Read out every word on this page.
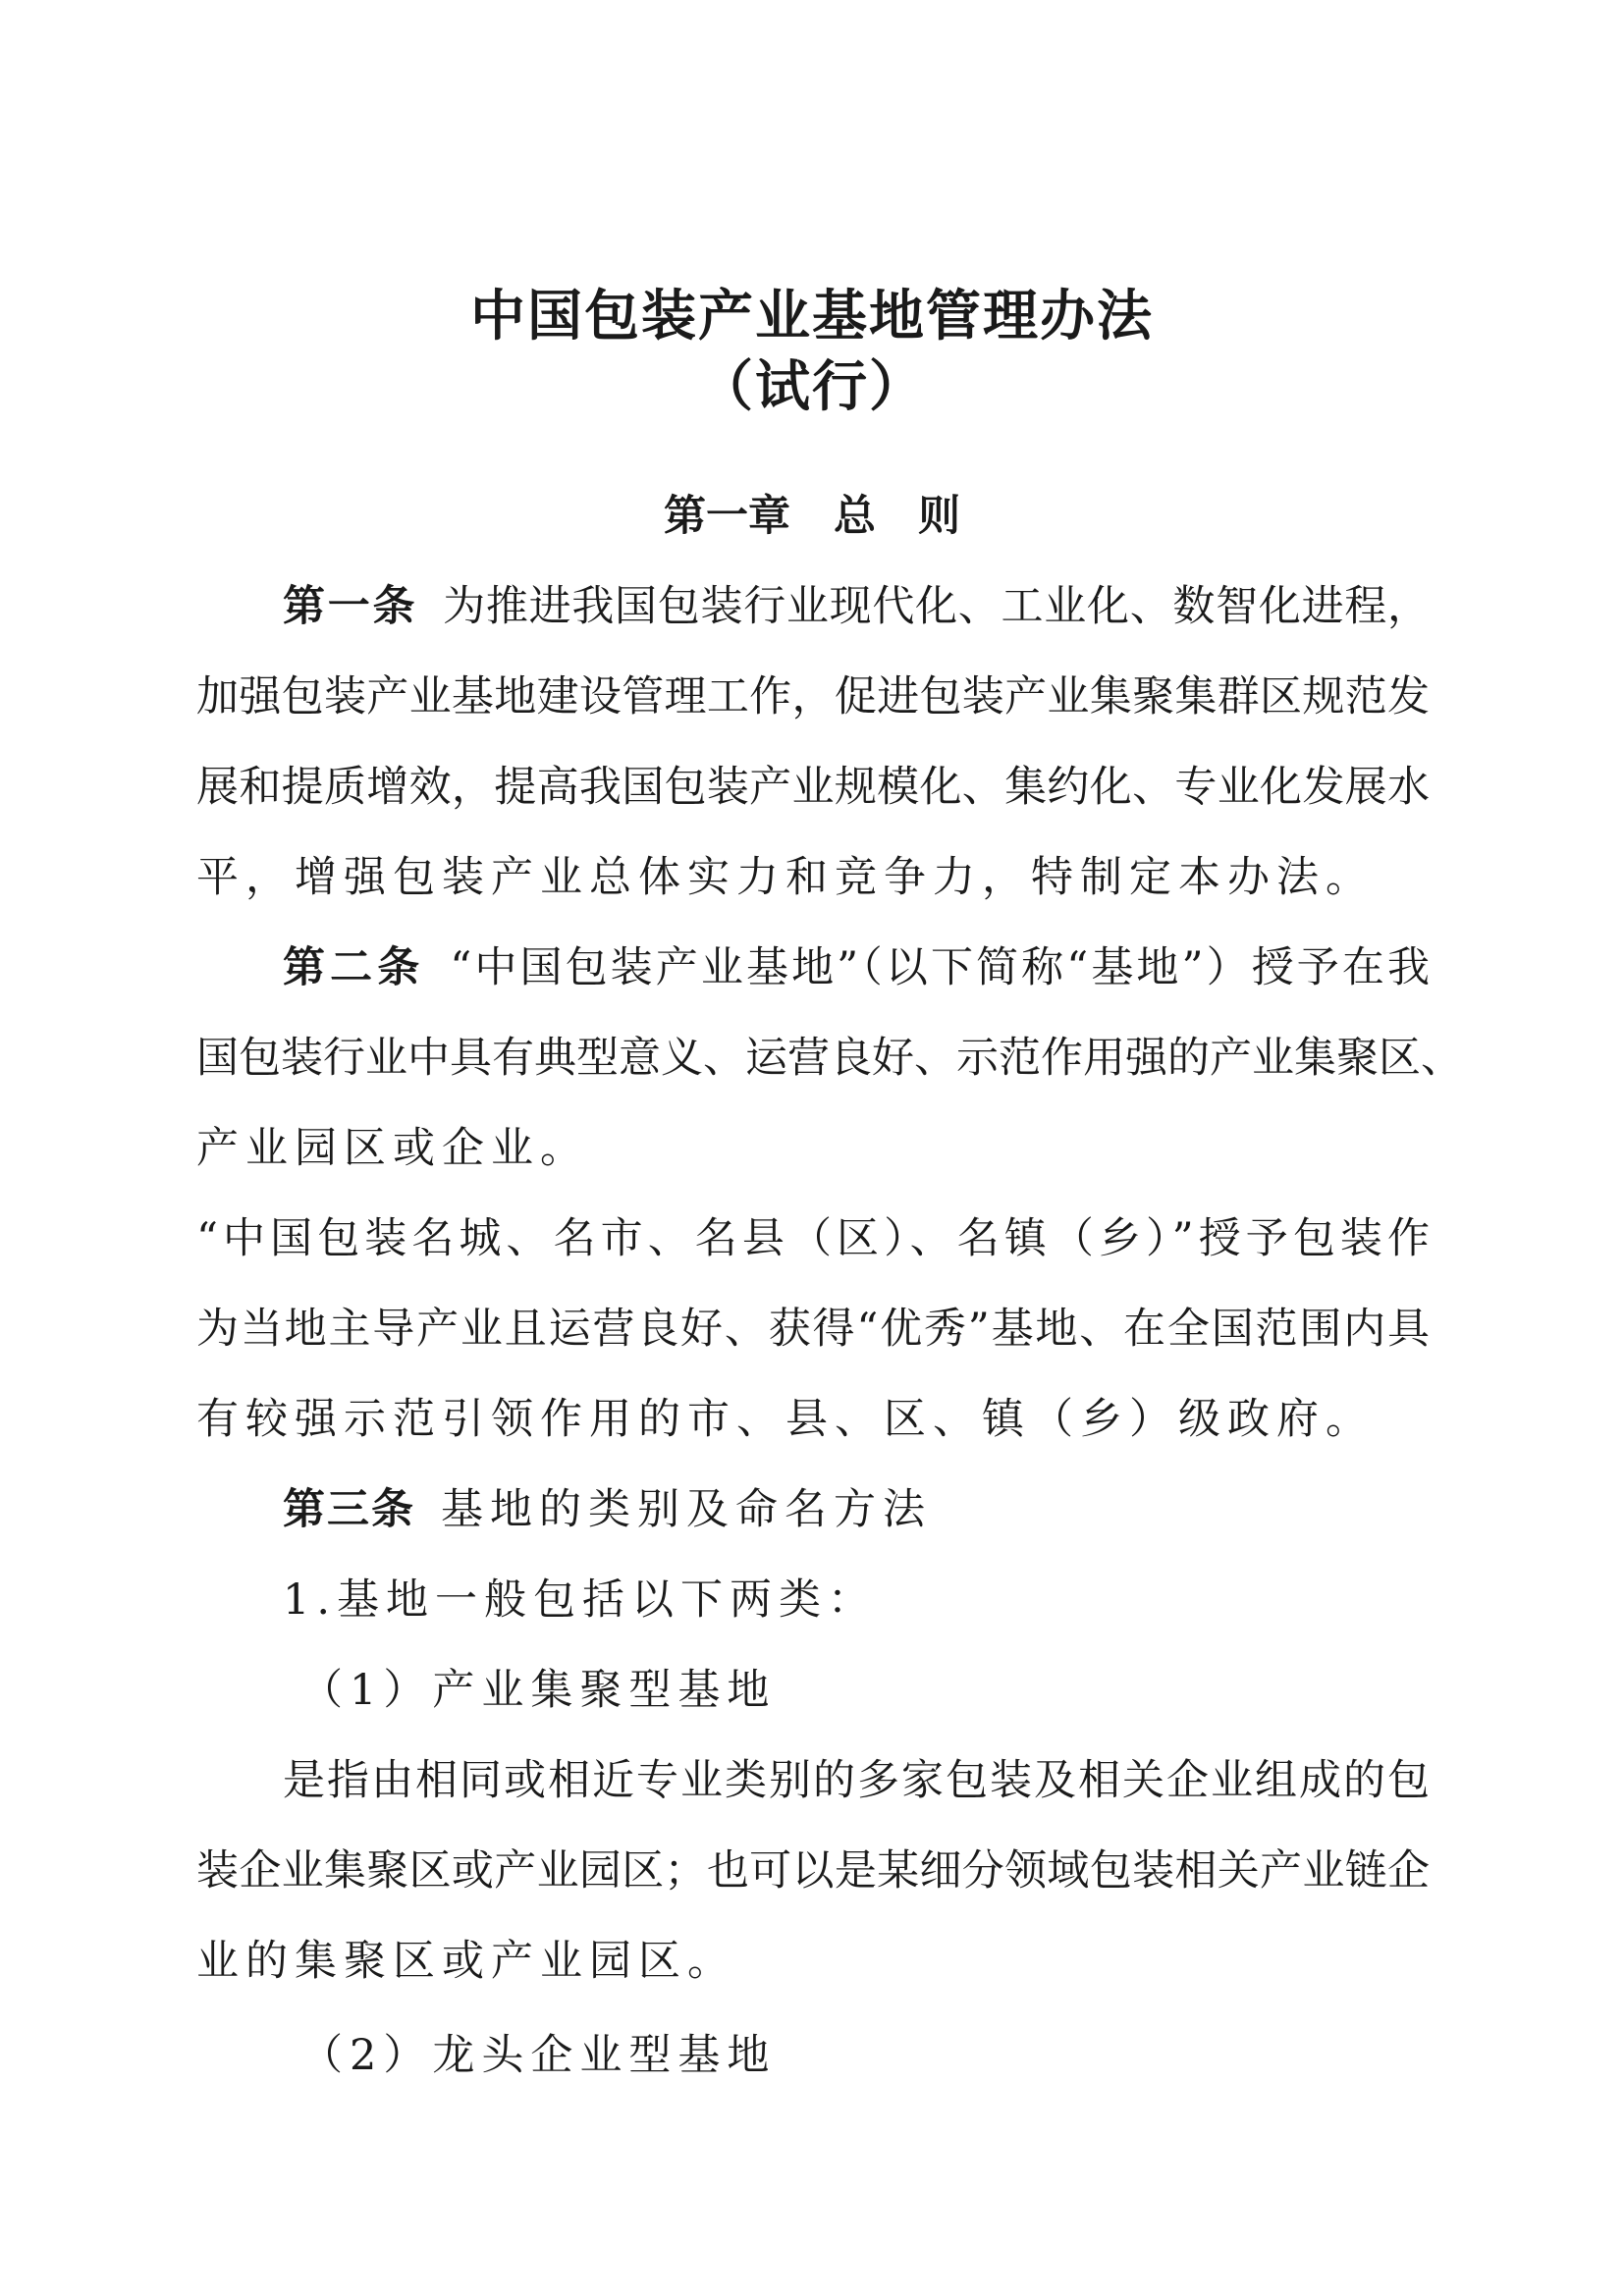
中国包装产业基地管理办法
（试行）
第一章 总　则

第一条 为推进我国包装行业现代化、工业化、数智化进程，

加强包装产业基地建设管理工作，促进包装产业集聚集群区规范发

展和提质增效，提高我国包装产业规模化、集约化、专业化发展水

平，增强包装产业总体实力和竞争力，特制定本办法。

第二条 “中国包装产业基地”（以下简称“基地”）授予在我

国包装行业中具有典型意义、运营良好、示范作用强的产业集聚区、

产业园区或企业。

“中国包装名城、名市、名县（区）、名镇（乡）”授予包装作

为当地主导产业且运营良好、获得“优秀”基地、在全国范围内具

有较强示范引领作用的市、县、区、镇（乡）级政府。

第三条 基地的类别及命名方法

1.基地一般包括以下两类：

（1）产业集聚型基地

是指由相同或相近专业类别的多家包装及相关企业组成的包

装企业集聚区或产业园区；也可以是某细分领域包装相关产业链企

业的集聚区或产业园区。

（2）龙头企业型基地
